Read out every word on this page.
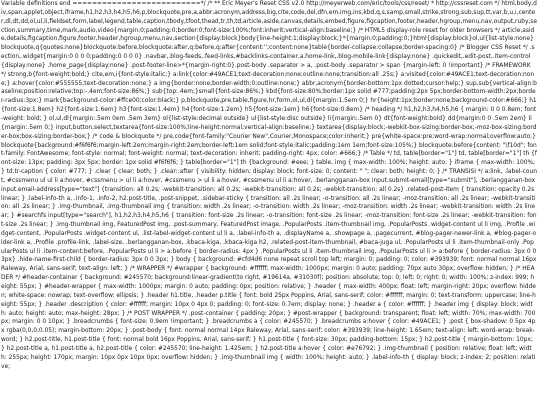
Variable definitions end ==========================*/ /* ** Eric Meyer's Reset CSS v2.0 http://meyerweb.com/eric/tools/css/reset/ * http://cssreset.com */ html,body,div,span,applet,object,iframe,h1,h2,h3,h4,h5,h6,p,blockquote,pre,a,abbr,acronym,address,big,cite,code,del,dfn,em,img,ins,kbd,q,s,samp,small,strike,strong,sub,sup,tt,var,b,u,i,center,dl,dt,dd,ol,ul,li,fieldset,form,label,legend,table,caption,tbody,tfoot,thead,tr,th,td,article,aside,canvas,details,embed,figure,figcaption,footer,header,hgroup,menu,nav,output,ruby,section,summary,time,mark,audio,video{margin:0;padding:0;border:0;font-size:100%;font:inherit;vertical-align:baseline;} /* HTML5 display-role reset for older browsers */ article,aside,details,figcaption,figure,footer,header,hgroup,menu,nav,section{display:block}body{line-height:1;display:block;}*{margin:0;padding:0;}html{display:block}ol,ul{list-style:none}blockquote,q{quotes:none}blockquote:before,blockquote:after,q:before,q:after{content:'';content:none}table{border-collapse:collapse;border-spacing:0} /* Blogger CSS Reset */ .section,.widget{margin:0 0 0 0;padding:0 0 0 0} .navbar,.blog-feeds,.feed-links,#backlinks-container,a.home-link,.blog-mobile-link{display:none} .quickedit,.edit-post,.item-control{display:none} .home_page{display:none} .post-footer-line>*{margin-right:0}.post-body .separator > a, .post-body .separator > span {margin-left: 0 !important} /* FRAMEWORK */ strong,b{font-weight:bold;} cite,em,i{font-style:italic;} a:link{color:#49ACE1;text-decoration:none;outline:none;transition:all .25s;} a:visited{color:#49ACE1;text-decoration:none;} a:hover{color:#555555;text-decoration:none;} a img{border:none;border-width:0;outline:none;} abbr,acronym{border-bottom:1px dotted;cursor:help;} sup,sub{vertical-align:baseline;position:relative;top:-.4em;font-size:86%;} sub{top:.4em;}small{font-size:86%;} kbd{font-size:80%;border:1px solid #777;padding:2px 5px;border-bottom-width:2px;border-radius:3px;} mark{background-color:#ffce00;color:black;} p,blockquote,pre,table,figure,hr,form,ol,ul,dl{margin:1.5em 0;} hr{height:1px;border:none;background-color:#666;} h1{font-size:1.8em} h2{font-size:1.6em} h3{font-size:1.4em} h4{font-size:1.2em} h5{font-size:1em} h6{font-size:0.8em} /* heading */ h1,h2,h3,h4,h5,h6 { margin: 0 0 0.8em; font-weight: bold; } ol,ul,dl{margin:.5em 0em .5em 3em} ol{list-style:decimal outside} ul{list-style:disc outside} li{margin:.5em 0} dt{font-weight:bold} dd{margin:0 0 .5em 2em} li{margin:.5em 0;} input,button,select,textarea{font-size:100%;line-height:normal;vertical-align:baseline;} textarea{display:block;-webkit-box-sizing:border-box;-moz-box-sizing:border-box;box-sizing:border-box;} /* code & blockquote */ pre,code{font-family:"Courier New",Courier,Monospace;color:inherit;} pre{white-space:pre;word-wrap:normal;overflow:auto;} blockquote{background:#f6f6f6;margin-left:2em;margin-right:2em;border-left:1em solid;font-style:italic;padding:1em 1em;font-size:105%;} blockquote:before{content: "\f10d"; font-family: FontAwesome; font-style: normal; font-weight: normal; text-decoration: inherit; padding-right: 4px; color: #666;} /* Table */ td, table[border="1"] td, table[border="1"] th {font-size: 13px; padding: 3px 5px; border: 1px solid #f6f6f6; } table[border="1"] th {background: #eee; } table, img { max-width: 100%; height: auto; } iframe { max-width: 100%; } td.tr-caption { color: #777; } .clear { clear: both; } .clear::after { visibility: hidden; display: block; font-size: 0; content: " "; clear: both; height: 0; } /* TRANSISI */ a:link, .label-count, #cssmenu ul ul li a:hover, #cssmenu > ul li a:hover, #cssmenu > ul li a:hover, #cssmenu ul li a:hover, .berlangganan-box input.submit-email[type="submit"], .berlangganan-box input.email-address[type="text"] {transition: all 0.2s; -webkit-transition: all 0.2s; -webkit-transition: all 0.2s; -webkit-transition: all 0.2s} .related-post-item { transition: opacity 0.2s linear; } .label-info-th a, .info-1, .info-2, h2.post-title, .post-snippet, .sidebar-sticky { transition: all .2s linear; -o-transition: all .2s linear; -moz-transition: all .2s linear; -webkit-transition: all .2s linear; } .img-thumbnail, .img-thumbnail img { transition: width .2s linear; -o-transition: width .2s linear; -moz-transition: width .2s linear; -webkit-transition: width .2s linear; } #searchfs input[type="search"], h1,h2,h3,h4,h5,h6 { transition: font-size .2s linear; -o-transition: font-size .2s linear; -moz-transition: font-size .2s linear; -webkit-transition: font-size .2s linear; } .img-thumbnail img, FeaturedPost img, .post-summary, FeaturedPost image, .PopularPosts .item-thumbnail img, .PopularPosts .widget-content ul li img, .Profile .widget-content, .PopularPosts .widget-content ul, .list-label-widget-content ul li a, .label-info-th a, .displayName a, .showpage a, .pagecurrent, #blog-pager-newer-link a, #blog-pager-older-link a, .Profile .profile-link, .label-size, .berlangganan-box, .kbaca-kiga, .kbaca-kiga h2, .related-post-item-thumbnail, #baca-juga ul, .PopularPosts ul li .item-thumbnail-only .PopularPosts ul li .item-content:before, .PopularPosts ul li > a:before { border-radius: 4px } .PopularPosts ul li .item-thumbnail img, .PopularPosts ul li > a:before { border-radius: 3px 0 0 3px} .hide-name-first-child { border-radius: 3px 0 0 3px; } body { background: #cfd4d6 none repeat scroll top left; margin: 0; padding: 0; color: #393939; font: normal normal 16px Raleway, Arial, sans-serif; text-align: left; } /* WRAPPER */ #wrapper { background: #ffffff; max-width: 1000px; margin: 0 auto; padding: 70px auto 30px; overflow: hidden; } /* HEADER */ #header-container { background: #245570; background:linear-gradient(to right, #19614a, #31030f); position: absolute; top: 0; left: 0; right: 0; width: 100%; z-index: 999; height: 55px; } #header-wrapper { max-width: 1000px; margin: 0 auto; padding: 0px; position: relative; } .header { max-width: 400px; float: left; margin-right: 20px; overflow: hidden; white-space: nowrap; text-overflow: ellipsis; } .header h1.title, .header p.title { font: bold 25px Poppins, Arial, sans-serif; color: #ffffff; margin: 0; text-transform: uppercase; line-height: 55px; } .header .description { color: #ffffff; margin: 10px 0 4px 0; padding: 0; font-size: 0.7em; display: none; } .header a { color: #ffffff; } .header img { display: block; width: auto; height: auto; max-height: 28px; } /* POST WRAPPER */ .post-container { padding: 20px; } #post-wrapper { background: transparent; float: left; width: 70%; max-width: 700px; margin: 0 0 10px; } .breadcrumbs { font-size: 0.9em !important; } .breadcrumbs a { color: #245570; } .breadcrumbs a:hover { color: #49ACE1; } .post { box-shadow: 0 5px 4px rgba(0,0,0,0.05); margin-bottom: 20px; } .post-body { font: normal normal 14px Raleway, Arial, sans-serif; color: #393939; line-height: 1.65em; text-align: left; word-wrap: break-word; } h2.post-title, h1.post-title { font: normal bold 16px Poppins, Arial, sans-serif; } h1.post-title { font-size: 30px; padding-bottom: 15px; } h2.post-title { margin-bottom: 10px; } h2.post-title a, h1.post-title a, h2.post-title { color: #245570; line-height: 1.425em; } h2.post-title a:hover { color: #e76792; } .img-thumbnail { position: relative; float: left; width: 255px; height: 170px; margin: 10px 0px 10px 0px; overflow: hidden; } .img-thumbnail img { width: 100%; height: auto; } .label-info-th { display: block; z-index: 2; position: relative;
